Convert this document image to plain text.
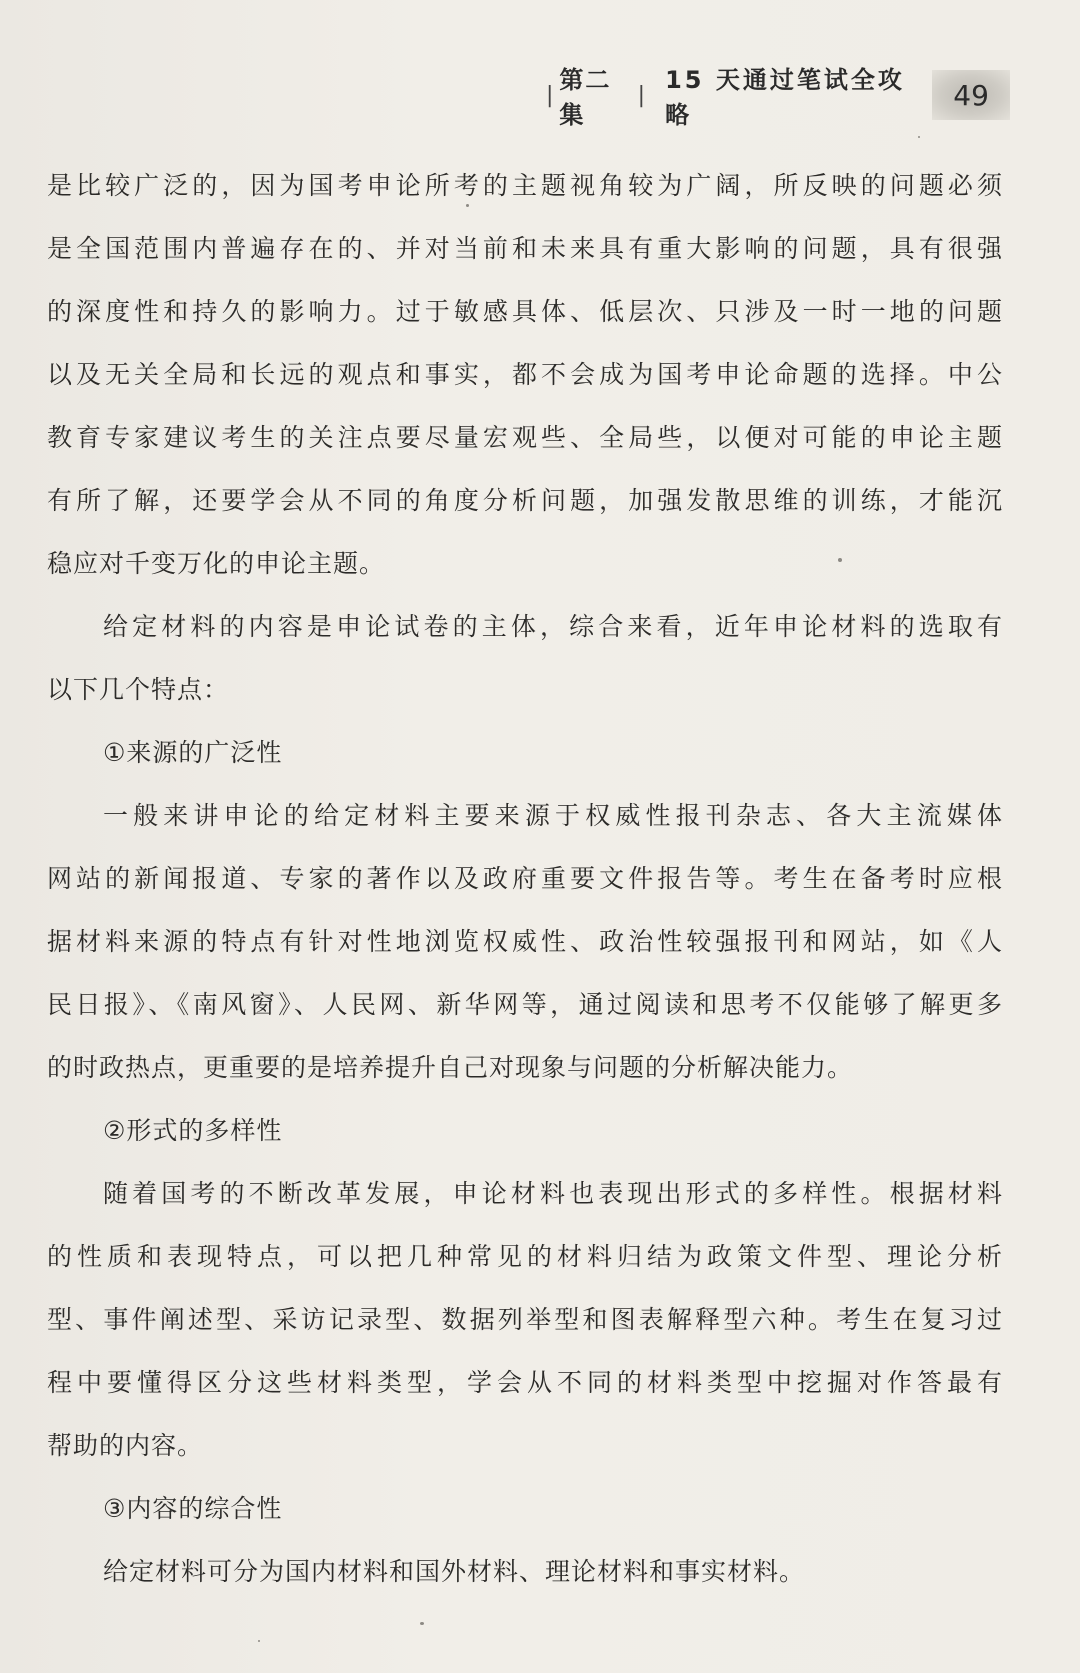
|
第二集
|
15 天通过笔试全攻略
49
是比较广泛的，因为国考申论所考的主题视角较为广阔，所反映的问题必须
是全国范围内普遍存在的、并对当前和未来具有重大影响的问题，具有很强
的深度性和持久的影响力。过于敏感具体、低层次、只涉及一时一地的问题
以及无关全局和长远的观点和事实，都不会成为国考申论命题的选择。中公
教育专家建议考生的关注点要尽量宏观些、全局些，以便对可能的申论主题
有所了解，还要学会从不同的角度分析问题，加强发散思维的训练，才能沉
稳应对千变万化的申论主题。
给定材料的内容是申论试卷的主体，综合来看，近年申论材料的选取有
以下几个特点：
①来源的广泛性
一般来讲申论的给定材料主要来源于权威性报刊杂志、各大主流媒体
网站的新闻报道、专家的著作以及政府重要文件报告等。考生在备考时应根
据材料来源的特点有针对性地浏览权威性、政治性较强报刊和网站，如《人
民日报》、《南风窗》、人民网、新华网等，通过阅读和思考不仅能够了解更多
的时政热点，更重要的是培养提升自己对现象与问题的分析解决能力。
②形式的多样性
随着国考的不断改革发展，申论材料也表现出形式的多样性。根据材料
的性质和表现特点，可以把几种常见的材料归结为政策文件型、理论分析
型、事件阐述型、采访记录型、数据列举型和图表解释型六种。考生在复习过
程中要懂得区分这些材料类型，学会从不同的材料类型中挖掘对作答最有
帮助的内容。
③内容的综合性
给定材料可分为国内材料和国外材料、理论材料和事实材料。
